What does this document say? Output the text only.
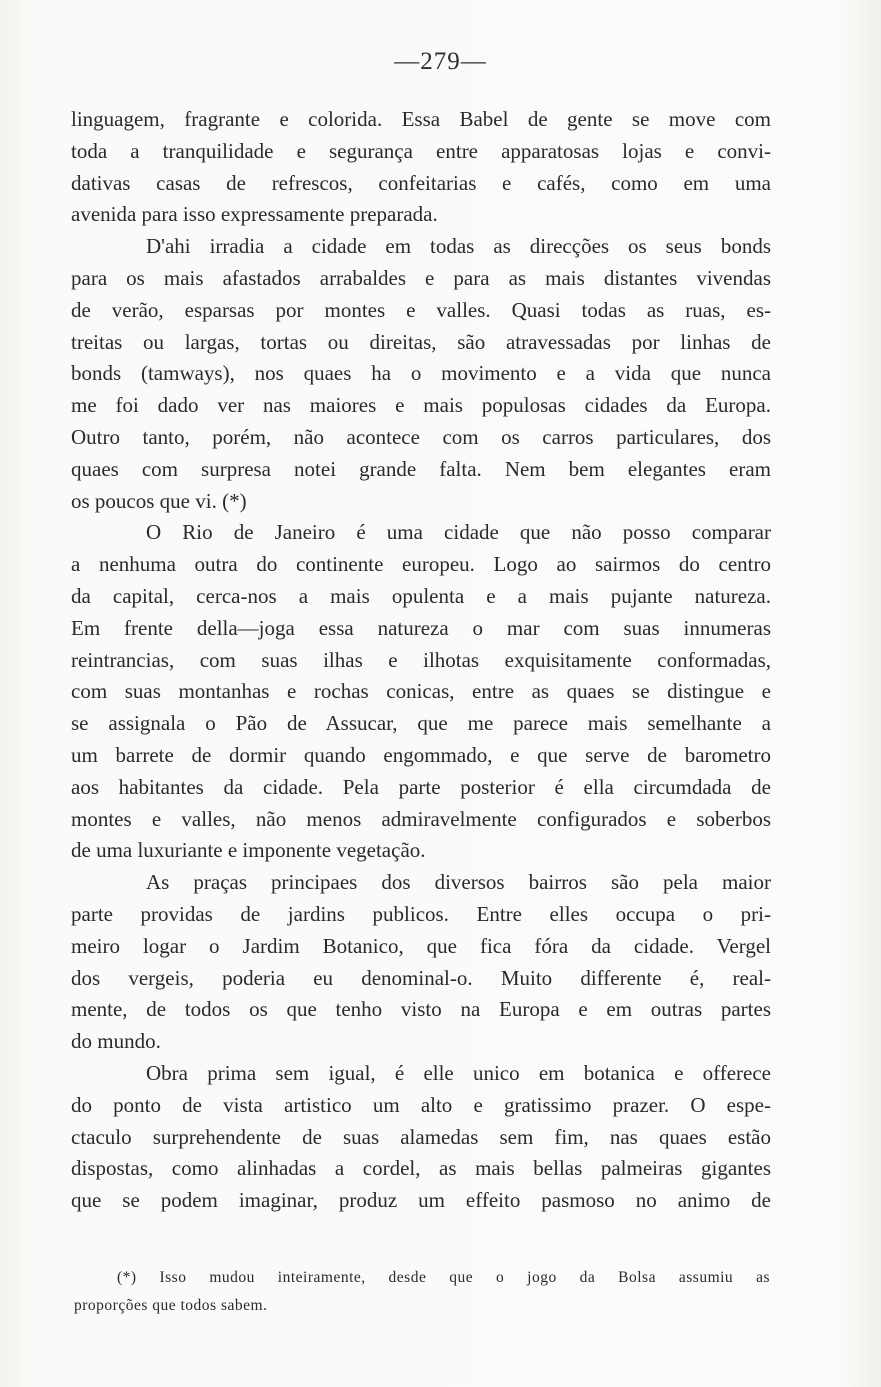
—279—
linguagem, fragrante e colorida. Essa Babel de gente se move com
toda a tranquilidade e segurança entre apparatosas lojas e convi-
dativas casas de refrescos, confeitarias e cafés, como em uma
avenida para isso expressamente preparada.
D'ahi irradia a cidade em todas as direcções os seus bonds
para os mais afastados arrabaldes e para as mais distantes vivendas
de verão, esparsas por montes e valles. Quasi todas as ruas, es-
treitas ou largas, tortas ou direitas, são atravessadas por linhas de
bonds (tamways), nos quaes ha o movimento e a vida que nunca
me foi dado ver nas maiores e mais populosas cidades da Europa.
Outro tanto, porém, não acontece com os carros particulares, dos
quaes com surpresa notei grande falta. Nem bem elegantes eram
os poucos que vi. (*)
O Rio de Janeiro é uma cidade que não posso comparar
a nenhuma outra do continente europeu. Logo ao sairmos do centro
da capital, cerca-nos a mais opulenta e a mais pujante natureza.
Em frente della—joga essa natureza o mar com suas innumeras
reintrancias, com suas ilhas e ilhotas exquisitamente conformadas,
com suas montanhas e rochas conicas, entre as quaes se distingue e
se assignala o Pão de Assucar, que me parece mais semelhante a
um barrete de dormir quando engommado, e que serve de barometro
aos habitantes da cidade. Pela parte posterior é ella circumdada de
montes e valles, não menos admiravelmente configurados e soberbos
de uma luxuriante e imponente vegetação.
As praças principaes dos diversos bairros são pela maior
parte providas de jardins publicos. Entre elles occupa o pri-
meiro logar o Jardim Botanico, que fica fóra da cidade. Vergel
dos vergeis, poderia eu denominal-o. Muito differente é, real-
mente, de todos os que tenho visto na Europa e em outras partes
do mundo.
Obra prima sem igual, é elle unico em botanica e offerece
do ponto de vista artistico um alto e gratissimo prazer. O espe-
ctaculo surprehendente de suas alamedas sem fim, nas quaes estão
dispostas, como alinhadas a cordel, as mais bellas palmeiras gigantes
que se podem imaginar, produz um effeito pasmoso no animo de
(*) Isso mudou inteiramente, desde que o jogo da Bolsa assumiu as
proporções que todos sabem.
